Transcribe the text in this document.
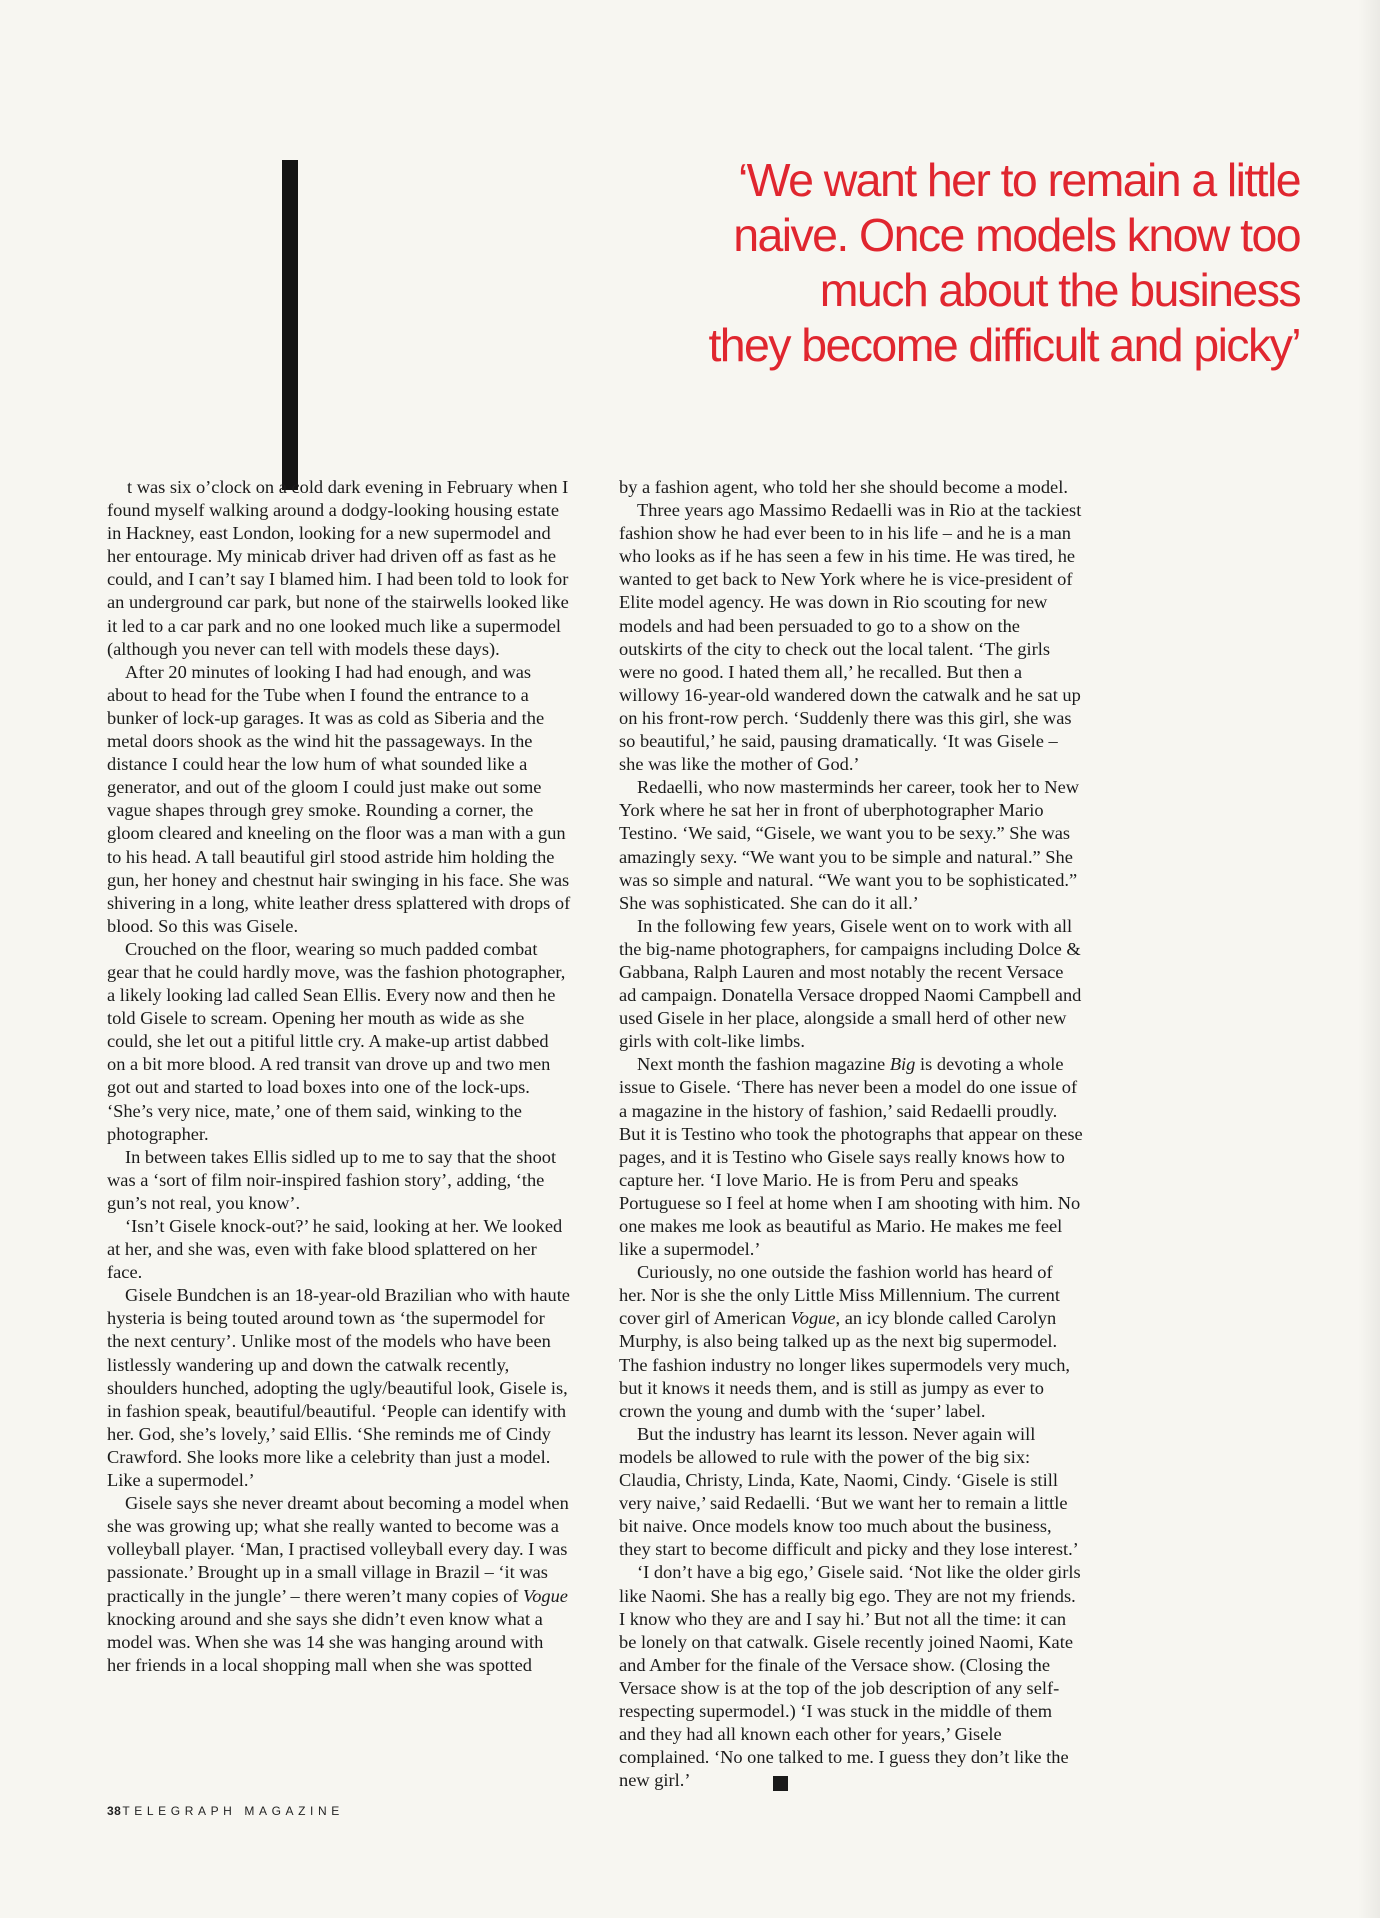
‘We want her to remain a little
naive. Once models know too
much about the business
they become difficult and picky’

t was six o’clock on a cold dark evening in February when I found myself walking around a dodgy-looking housing estate in Hackney, east London, looking for a new supermodel and her entourage. My minicab driver had driven off as fast as he could, and I can’t say I blamed him. I had been told to look for an underground car park, but none of the stairwells looked like it led to a car park and no one looked much like a supermodel (although you never can tell with models these days).

After 20 minutes of looking I had had enough, and was about to head for the Tube when I found the entrance to a bunker of lock-up garages. It was as cold as Siberia and the metal doors shook as the wind hit the passageways. In the distance I could hear the low hum of what sounded like a generator, and out of the gloom I could just make out some vague shapes through grey smoke. Rounding a corner, the gloom cleared and kneeling on the floor was a man with a gun to his head. A tall beautiful girl stood astride him holding the gun, her honey and chestnut hair swinging in his face. She was shivering in a long, white leather dress splattered with drops of blood. So this was Gisele.

Crouched on the floor, wearing so much padded combat gear that he could hardly move, was the fashion photographer, a likely looking lad called Sean Ellis. Every now and then he told Gisele to scream. Opening her mouth as wide as she could, she let out a pitiful little cry. A make-up artist dabbed on a bit more blood. A red transit van drove up and two men got out and started to load boxes into one of the lock-ups. ‘She’s very nice, mate,’ one of them said, winking to the photographer.

In between takes Ellis sidled up to me to say that the shoot was a ‘sort of film noir-inspired fashion story’, adding, ‘the gun’s not real, you know’.

‘Isn’t Gisele knock-out?’ he said, looking at her. We looked at her, and she was, even with fake blood splattered on her face.

Gisele Bundchen is an 18-year-old Brazilian who with haute hysteria is being touted around town as ‘the supermodel for the next century’. Unlike most of the models who have been listlessly wandering up and down the catwalk recently, shoulders hunched, adopting the ugly/beautiful look, Gisele is, in fashion speak, beautiful/beautiful. ‘People can identify with her. God, she’s lovely,’ said Ellis. ‘She reminds me of Cindy Crawford. She looks more like a celebrity than just a model. Like a supermodel.’

Gisele says she never dreamt about becoming a model when she was growing up; what she really wanted to become was a volleyball player. ‘Man, I practised volleyball every day. I was passionate.’ Brought up in a small village in Brazil – ‘it was practically in the jungle’ – there weren’t many copies of Vogue knocking around and she says she didn’t even know what a model was. When she was 14 she was hanging around with her friends in a local shopping mall when she was spotted

by a fashion agent, who told her she should become a model.

Three years ago Massimo Redaelli was in Rio at the tackiest fashion show he had ever been to in his life – and he is a man who looks as if he has seen a few in his time. He was tired, he wanted to get back to New York where he is vice-president of Elite model agency. He was down in Rio scouting for new models and had been persuaded to go to a show on the outskirts of the city to check out the local talent. ‘The girls were no good. I hated them all,’ he recalled. But then a willowy 16-year-old wandered down the catwalk and he sat up on his front-row perch. ‘Suddenly there was this girl, she was so beautiful,’ he said, pausing dramatically. ‘It was Gisele – she was like the mother of God.’

Redaelli, who now masterminds her career, took her to New York where he sat her in front of uberphotographer Mario Testino. ‘We said, “Gisele, we want you to be sexy.” She was amazingly sexy. “We want you to be simple and natural.” She was so simple and natural. “We want you to be sophisticated.” She was sophisticated. She can do it all.’

In the following few years, Gisele went on to work with all the big-name photographers, for campaigns including Dolce & Gabbana, Ralph Lauren and most notably the recent Versace ad campaign. Donatella Versace dropped Naomi Campbell and used Gisele in her place, alongside a small herd of other new girls with colt-like limbs.

Next month the fashion magazine Big is devoting a whole issue to Gisele. ‘There has never been a model do one issue of a magazine in the history of fashion,’ said Redaelli proudly. But it is Testino who took the photographs that appear on these pages, and it is Testino who Gisele says really knows how to capture her. ‘I love Mario. He is from Peru and speaks Portuguese so I feel at home when I am shooting with him. No one makes me look as beautiful as Mario. He makes me feel like a supermodel.’

Curiously, no one outside the fashion world has heard of her. Nor is she the only Little Miss Millennium. The current cover girl of American Vogue, an icy blonde called Carolyn Murphy, is also being talked up as the next big supermodel. The fashion industry no longer likes supermodels very much, but it knows it needs them, and is still as jumpy as ever to crown the young and dumb with the ‘super’ label.

But the industry has learnt its lesson. Never again will models be allowed to rule with the power of the big six: Claudia, Christy, Linda, Kate, Naomi, Cindy. ‘Gisele is still very naive,’ said Redaelli. ‘But we want her to remain a little bit naive. Once models know too much about the business, they start to become difficult and picky and they lose interest.’

‘I don’t have a big ego,’ Gisele said. ‘Not like the older girls like Naomi. She has a really big ego. They are not my friends. I know who they are and I say hi.’ But not all the time: it can be lonely on that catwalk. Gisele recently joined Naomi, Kate and Amber for the finale of the Versace show. (Closing the Versace show is at the top of the job description of any self-respecting supermodel.) ‘I was stuck in the middle of them and they had all known each other for years,’ Gisele complained. ‘No one talked to me. I guess they don’t like the new girl.’	T

38TELEGRAPH MAGAZINE
